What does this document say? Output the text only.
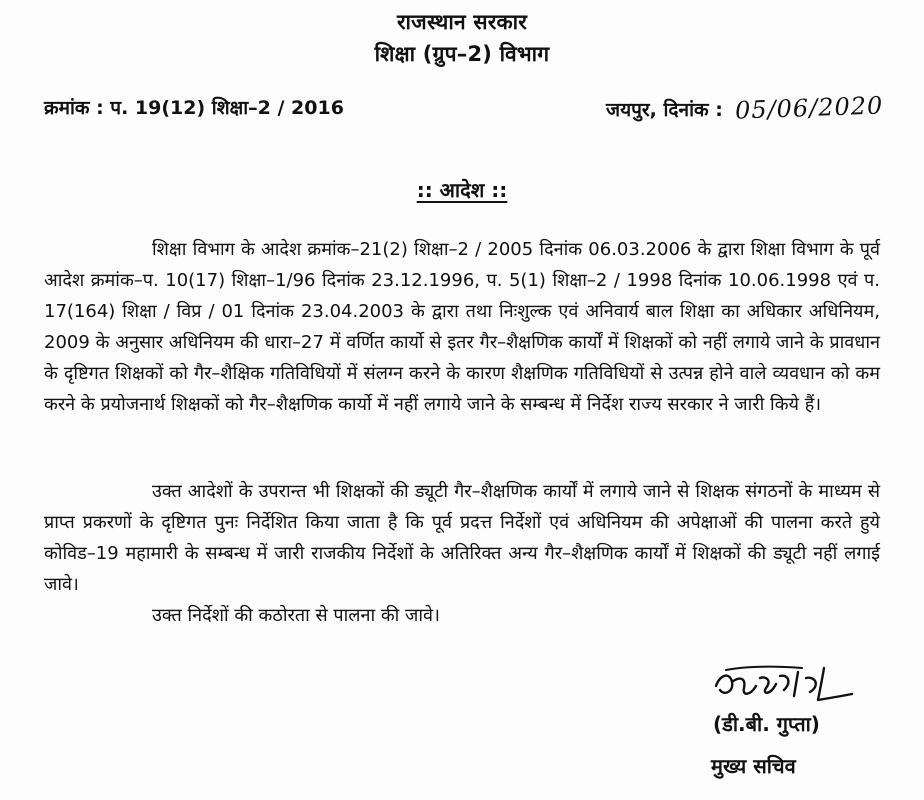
राजस्थान सरकार
शिक्षा (ग्रुप–2) विभाग
क्रमांक : प. 19(12) शिक्षा–2 / 2016	जयपुर, दिनांक : 05/06/2020
:: आदेश ::

शिक्षा विभाग के आदेश क्रमांक–21(2) शिक्षा–2 / 2005 दिनांक 06.03.2006 के द्वारा शिक्षा विभाग के पूर्व आदेश क्रमांक–प. 10(17) शिक्षा–1/96 दिनांक 23.12.1996, प. 5(1) शिक्षा–2 / 1998 दिनांक 10.06.1998 एवं प. 17(164) शिक्षा / विप्र / 01 दिनांक 23.04.2003 के द्वारा तथा निःशुल्क एवं अनिवार्य बाल शिक्षा का अधिकार अधिनियम, 2009 के अनुसार अधिनियम की धारा–27 में वर्णित कार्यो से इतर गैर–शैक्षणिक कार्यों में शिक्षकों को नहीं लगाये जाने के प्रावधान के दृष्टिगत शिक्षकों को गैर–शैक्षिक गतिविधियों में संलग्न करने के कारण शैक्षणिक गतिविधियों से उत्पन्न होने वाले व्यवधान को कम करने के प्रयोजनार्थ शिक्षकों को गैर–शैक्षणिक कार्यो में नहीं लगाये जाने के सम्बन्ध में निर्देश राज्य सरकार ने जारी किये हैं।

उक्त आदेशों के उपरान्त भी शिक्षकों की ड्यूटी गैर–शैक्षणिक कार्यों में लगाये जाने से शिक्षक संगठनों के माध्यम से प्राप्त प्रकरणों के दृष्टिगत पुनः निर्देशित किया जाता है कि पूर्व प्रदत्त निर्देशों एवं अधिनियम की अपेक्षाओं की पालना करते हुये कोविड–19 महामारी के सम्बन्ध में जारी राजकीय निर्देशों के अतिरिक्त अन्य गैर–शैक्षणिक कार्यों में शिक्षकों की ड्यूटी नहीं लगाई जावे।

उक्त निर्देशों की कठोरता से पालना की जावे।

(डी.बी. गुप्ता)
मुख्य सचिव
